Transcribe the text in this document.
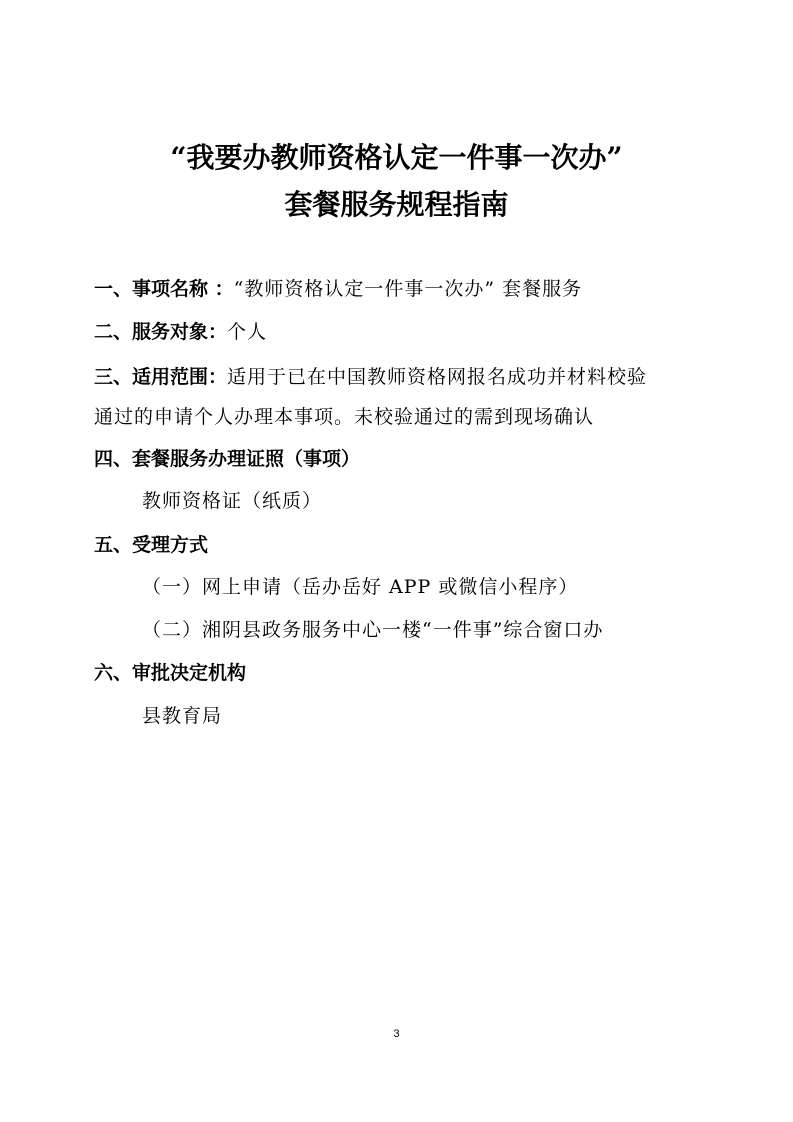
“我要办教师资格认定一件事一次办”
套餐服务规程指南
一、事项名称 ：“教师资格认定一件事一次办” 套餐服务
二、服务对象：个人
三、适用范围：适用于已在中国教师资格网报名成功并材料校验
通过的申请个人办理本事项。未校验通过的需到现场确认
四、套餐服务办理证照（事项）
教师资格证（纸质）
五、受理方式
（一）网上申请（岳办岳好 APP 或微信小程序）
（二）湘阴县政务服务中心一楼“一件事”综合窗口办
六、审批决定机构
县教育局
3
